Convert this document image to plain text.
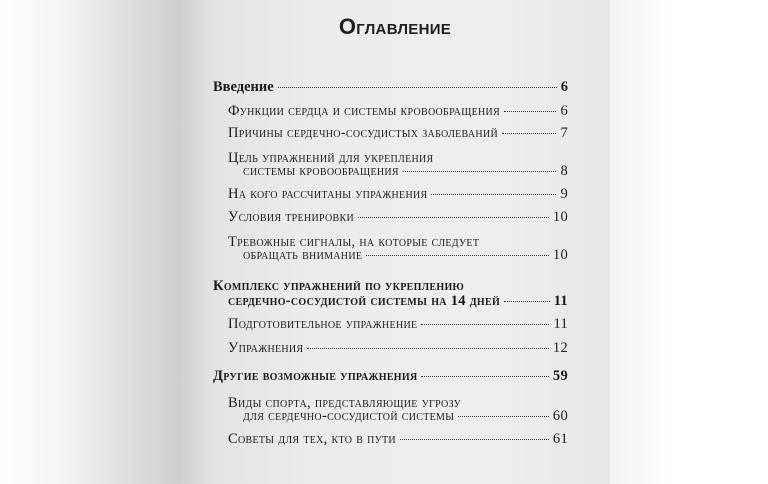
Оглавление
Введение	6
Функции сердца и системы кровообращения	6
Причины сердечно-сосудистых заболеваний	7
Цель упражнений для укрепления
системы кровообращения	8
На кого рассчитаны упражнения	9
Условия тренировки	10
Тревожные сигналы, на которые следует
обращать внимание	10
Комплекс упражнений по укреплению
сердечно-сосудистой системы на 14 дней	11
Подготовительное упражнение	11
Упражнения	12
Другие возможные упражнения	59
Виды спорта, представляющие угрозу
для сердечно-сосудистой системы	60
Советы для тех, кто в пути	61
